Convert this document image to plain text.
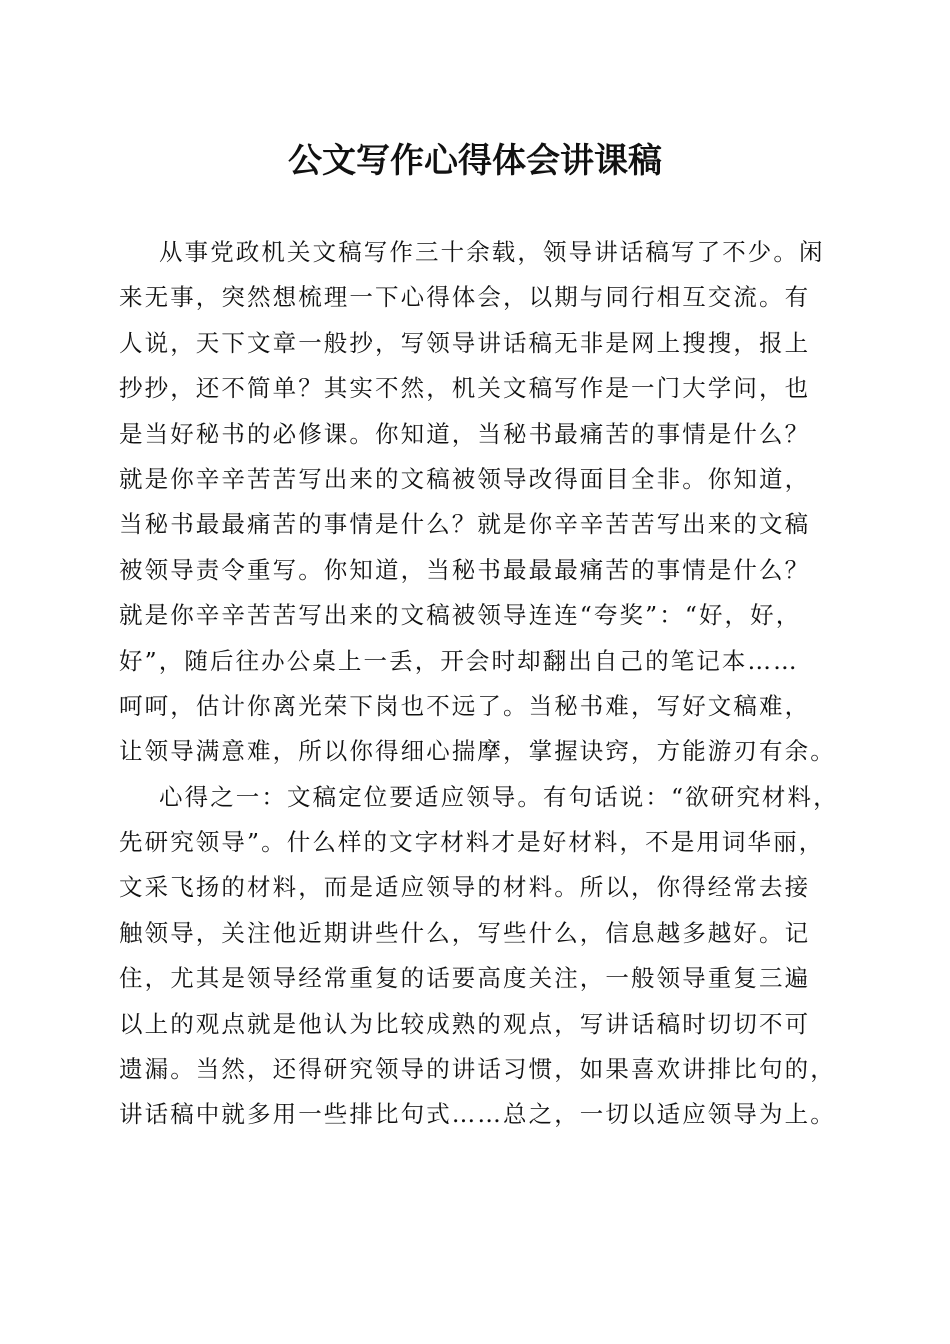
公文写作心得体会讲课稿
从事党政机关文稿写作三十余载，领导讲话稿写了不少。闲
来无事，突然想梳理一下心得体会，以期与同行相互交流。有
人说，天下文章一般抄，写领导讲话稿无非是网上搜搜，报上
抄抄，还不简单？其实不然，机关文稿写作是一门大学问，也
是当好秘书的必修课。你知道，当秘书最痛苦的事情是什么？
就是你辛辛苦苦写出来的文稿被领导改得面目全非。你知道，
当秘书最最痛苦的事情是什么？就是你辛辛苦苦写出来的文稿
被领导责令重写。你知道，当秘书最最最痛苦的事情是什么？
就是你辛辛苦苦写出来的文稿被领导连连“夸奖”：“好，好，
好”，随后往办公桌上一丢，开会时却翻出自己的笔记本……
呵呵，估计你离光荣下岗也不远了。当秘书难，写好文稿难，
让领导满意难，所以你得细心揣摩，掌握诀窍，方能游刃有余。
心得之一：文稿定位要适应领导。有句话说：“欲研究材料，
先研究领导”。什么样的文字材料才是好材料，不是用词华丽，
文采飞扬的材料，而是适应领导的材料。所以，你得经常去接
触领导，关注他近期讲些什么，写些什么，信息越多越好。记
住，尤其是领导经常重复的话要高度关注，一般领导重复三遍
以上的观点就是他认为比较成熟的观点，写讲话稿时切切不可
遗漏。当然，还得研究领导的讲话习惯，如果喜欢讲排比句的，
讲话稿中就多用一些排比句式……总之，一切以适应领导为上。
